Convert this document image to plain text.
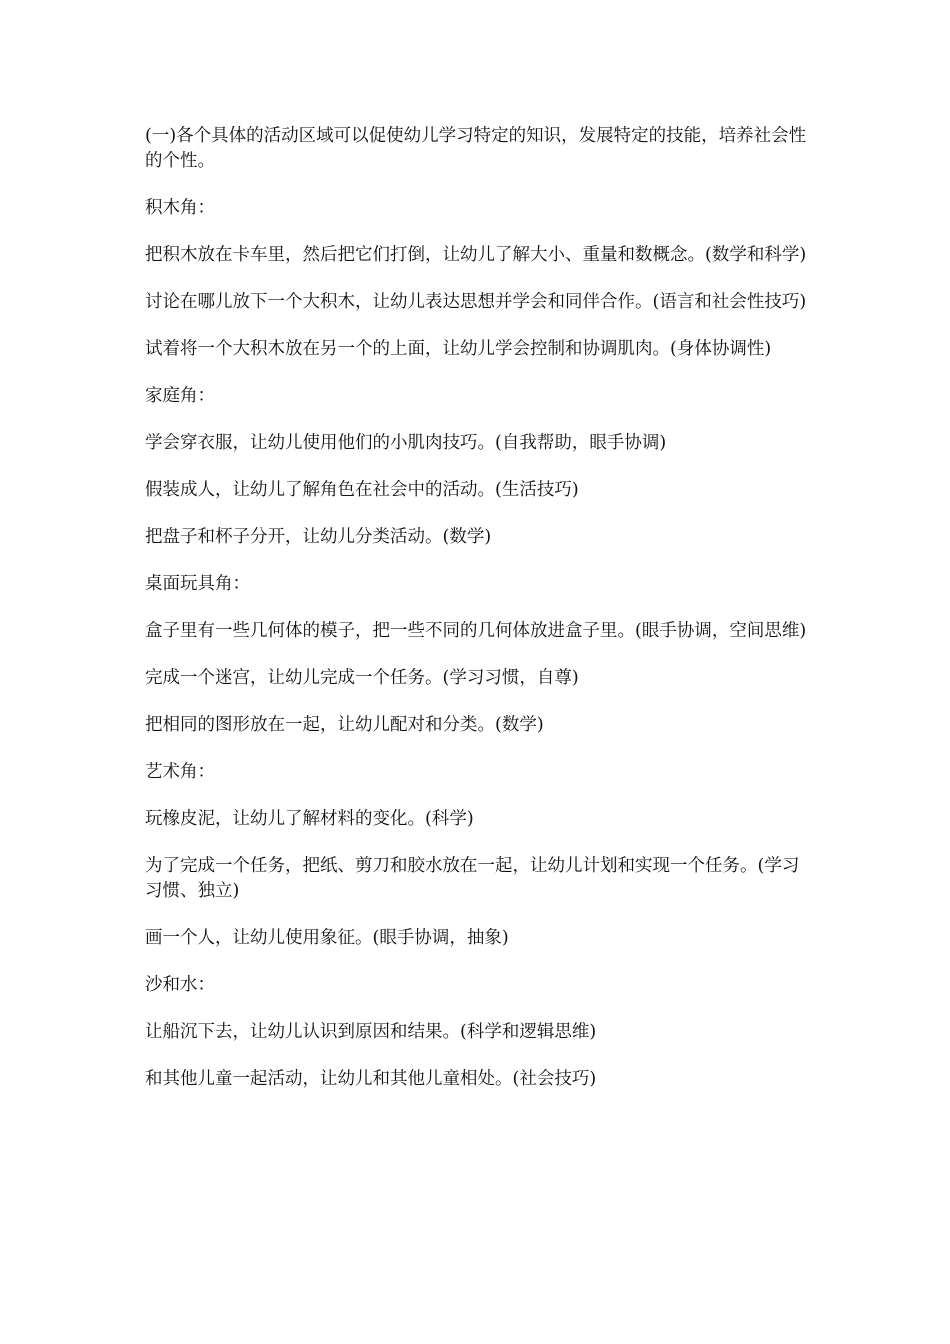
(一)各个具体的活动区域可以促使幼儿学习特定的知识，发展特定的技能，培养社会性的个性。

积木角：

把积木放在卡车里，然后把它们打倒，让幼儿了解大小、重量和数概念。(数学和科学)

讨论在哪儿放下一个大积木，让幼儿表达思想并学会和同伴合作。(语言和社会性技巧)

试着将一个大积木放在另一个的上面，让幼儿学会控制和协调肌肉。(身体协调性)

家庭角：

学会穿衣服，让幼儿使用他们的小肌肉技巧。(自我帮助，眼手协调)

假装成人，让幼儿了解角色在社会中的活动。(生活技巧)

把盘子和杯子分开，让幼儿分类活动。(数学)

桌面玩具角：

盒子里有一些几何体的模子，把一些不同的几何体放进盒子里。(眼手协调，空间思维)

完成一个迷宫，让幼儿完成一个任务。(学习习惯，自尊)

把相同的图形放在一起，让幼儿配对和分类。(数学)

艺术角：

玩橡皮泥，让幼儿了解材料的变化。(科学)

为了完成一个任务，把纸、剪刀和胶水放在一起，让幼儿计划和实现一个任务。(学习习惯、独立)

画一个人，让幼儿使用象征。(眼手协调，抽象)

沙和水：

让船沉下去，让幼儿认识到原因和结果。(科学和逻辑思维)

和其他儿童一起活动，让幼儿和其他儿童相处。(社会技巧)
